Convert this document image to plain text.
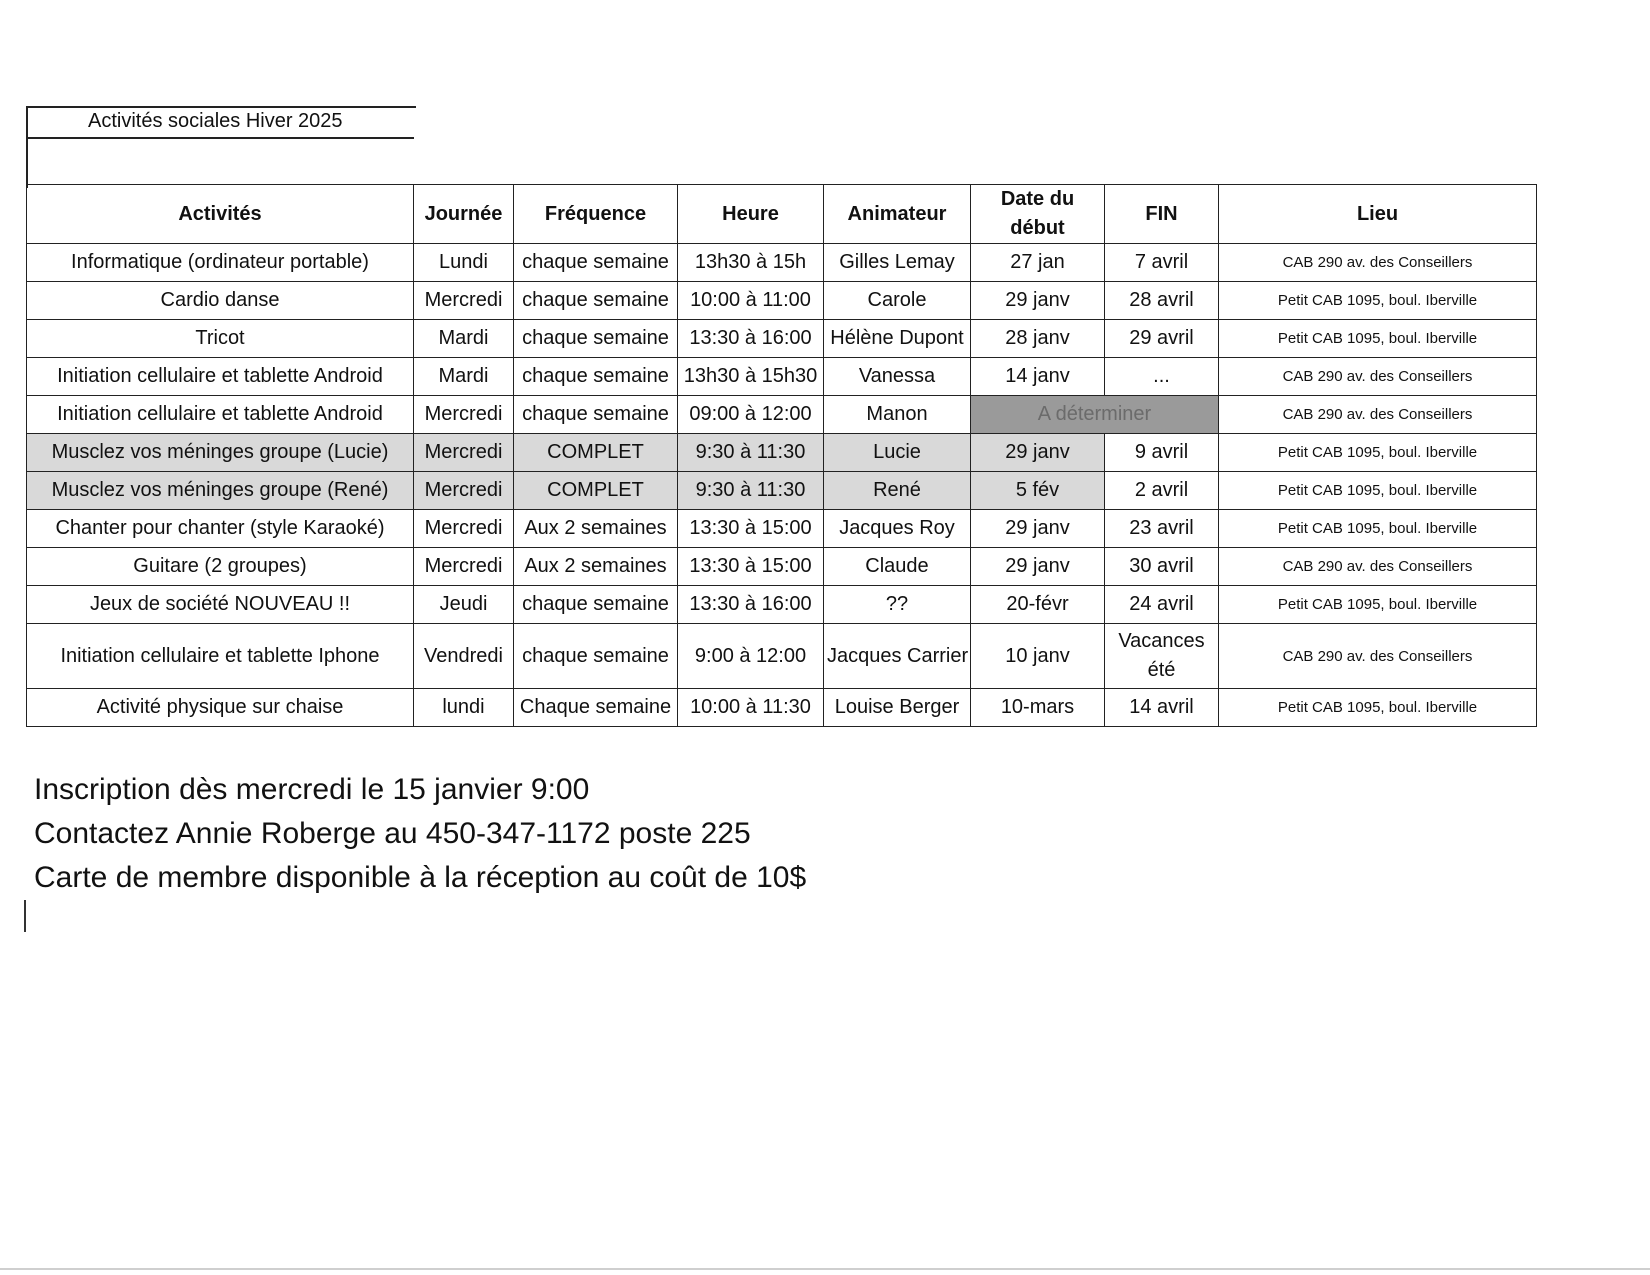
Activités sociales Hiver 2025
Activités	Journée	Fréquence	Heure	Animateur	Date du début	FIN	Lieu
Informatique (ordinateur portable)	Lundi	chaque semaine	13h30 à 15h	Gilles Lemay	27 jan	7 avril	CAB 290 av. des Conseillers
Cardio danse	Mercredi	chaque semaine	10:00 à 11:00	Carole	29 janv	28 avril	Petit CAB 1095, boul. Iberville
Tricot	Mardi	chaque semaine	13:30 à 16:00	Hélène Dupont	28 janv	29 avril	Petit CAB 1095, boul. Iberville
Initiation cellulaire et tablette Android	Mardi	chaque semaine	13h30 à 15h30	Vanessa	14 janv	...	CAB 290 av. des Conseillers
Initiation cellulaire et tablette Android	Mercredi	chaque semaine	09:00 à 12:00	Manon	A déterminer		CAB 290 av. des Conseillers
Musclez vos méninges groupe (Lucie)	Mercredi	COMPLET	9:30 à 11:30	Lucie	29 janv	9 avril	Petit CAB 1095, boul. Iberville
Musclez vos méninges groupe (René)	Mercredi	COMPLET	9:30 à 11:30	René	5 fév	2 avril	Petit CAB 1095, boul. Iberville
Chanter pour chanter (style Karaoké)	Mercredi	Aux 2 semaines	13:30 à 15:00	Jacques Roy	29 janv	23 avril	Petit CAB 1095, boul. Iberville
Guitare (2 groupes)	Mercredi	Aux 2 semaines	13:30 à 15:00	Claude	29 janv	30 avril	CAB 290 av. des Conseillers
Jeux de société NOUVEAU !!	Jeudi	chaque semaine	13:30 à 16:00	??	20-févr	24 avril	Petit CAB 1095, boul. Iberville
Initiation cellulaire et tablette Iphone	Vendredi	chaque semaine	9:00 à 12:00	Jacques Carrier	10 janv	Vacances été	CAB 290 av. des Conseillers
Activité physique sur chaise	lundi	Chaque semaine	10:00 à 11:30	Louise Berger	10-mars	14 avril	Petit CAB 1095, boul. Iberville
Inscription dès mercredi le 15 janvier 9:00
Contactez Annie Roberge au 450-347-1172 poste 225
Carte de membre disponible à la réception au coût de 10$
